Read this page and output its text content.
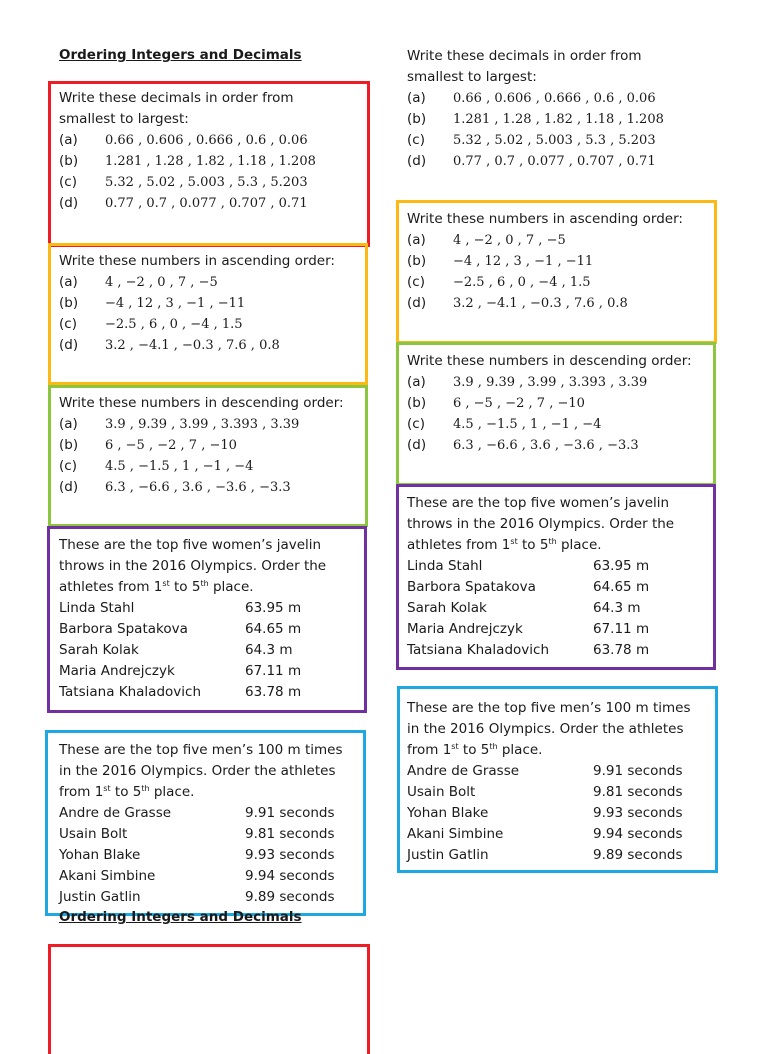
Ordering Integers and Decimals
Write these decimals in order from
smallest to largest:
(a) 0.66 , 0.606 , 0.666 , 0.6 , 0.06
(b) 1.281 , 1.28 , 1.82 , 1.18 , 1.208
(c) 5.32 , 5.02 , 5.003 , 5.3 , 5.203
(d) 0.77 , 0.7 , 0.077 , 0.707 , 0.71
Write these numbers in ascending order:
(a) 4 , −2 , 0 , 7 , −5
(b) −4 , 12 , 3 , −1 , −11
(c) −2.5 , 6 , 0 , −4 , 1.5
(d) 3.2 , −4.1 , −0.3 , 7.6 , 0.8
Write these numbers in descending order:
(a) 3.9 , 9.39 , 3.99 , 3.393 , 3.39
(b) 6 , −5 , −2 , 7 , −10
(c) 4.5 , −1.5 , 1 , −1 , −4
(d) 6.3 , −6.6 , 3.6 , −3.6 , −3.3
These are the top five women’s javelin
throws in the 2016 Olympics. Order the
athletes from 1st to 5th place.
Linda Stahl	63.95 m
Barbora Spatakova	64.65 m
Sarah Kolak	64.3 m
Maria Andrejczyk	67.11 m
Tatsiana Khaladovich	63.78 m
These are the top five men’s 100 m times
in the 2016 Olympics. Order the athletes
from 1st to 5th place.
Andre de Grasse	9.91 seconds
Usain Bolt	9.81 seconds
Yohan Blake	9.93 seconds
Akani Simbine	9.94 seconds
Justin Gatlin	9.89 seconds
Ordering Integers and Decimals
Write these decimals in order from
smallest to largest:
(a) 0.66 , 0.606 , 0.666 , 0.6 , 0.06
(b) 1.281 , 1.28 , 1.82 , 1.18 , 1.208
(c) 5.32 , 5.02 , 5.003 , 5.3 , 5.203
(d) 0.77 , 0.7 , 0.077 , 0.707 , 0.71
Write these numbers in ascending order:
(a) 4 , −2 , 0 , 7 , −5
(b) −4 , 12 , 3 , −1 , −11
(c) −2.5 , 6 , 0 , −4 , 1.5
(d) 3.2 , −4.1 , −0.3 , 7.6 , 0.8
Write these numbers in descending order:
(a) 3.9 , 9.39 , 3.99 , 3.393 , 3.39
(b) 6 , −5 , −2 , 7 , −10
(c) 4.5 , −1.5 , 1 , −1 , −4
(d) 6.3 , −6.6 , 3.6 , −3.6 , −3.3
These are the top five women’s javelin
throws in the 2016 Olympics. Order the
athletes from 1st to 5th place.
Linda Stahl	63.95 m
Barbora Spatakova	64.65 m
Sarah Kolak	64.3 m
Maria Andrejczyk	67.11 m
Tatsiana Khaladovich	63.78 m
These are the top five men’s 100 m times
in the 2016 Olympics. Order the athletes
from 1st to 5th place.
Andre de Grasse	9.91 seconds
Usain Bolt	9.81 seconds
Yohan Blake	9.93 seconds
Akani Simbine	9.94 seconds
Justin Gatlin	9.89 seconds
